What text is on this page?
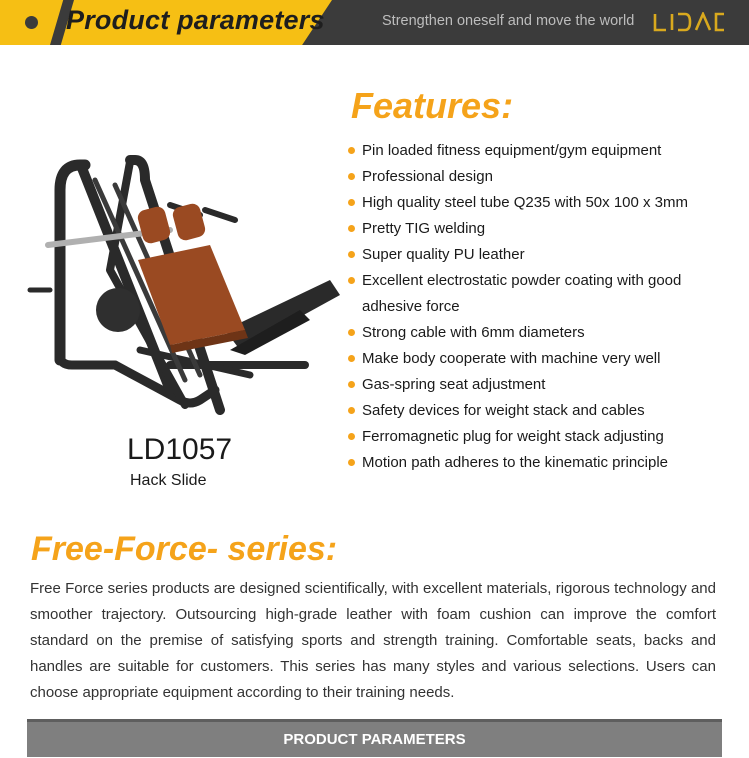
Product parameters	Strengthen oneself and move the world
LD1057
Hack Slide
Features:
Pin loaded fitness equipment/gym equipment
Professional design
High quality steel tube Q235 with 50x 100 x 3mm
Pretty TIG welding
Super quality PU leather
Excellent electrostatic powder coating with good adhesive force
Strong cable with 6mm diameters
Make body cooperate with machine very well
Gas-spring seat adjustment
Safety devices for weight stack and cables
Ferromagnetic plug for weight stack adjusting
Motion path adheres to the kinematic principle
Free-Force- series:

Free Force series products are designed scientifically, with excellent materials, rigorous technology and smoother trajectory. Outsourcing high-grade leather with foam cushion can improve the comfort standard on the premise of satisfying sports and strength training. Comfortable seats, backs and handles are suitable for customers. This series has many styles and various selections. Users can choose appropriate equipment according to their training needs.

PRODUCT PARAMETERS
